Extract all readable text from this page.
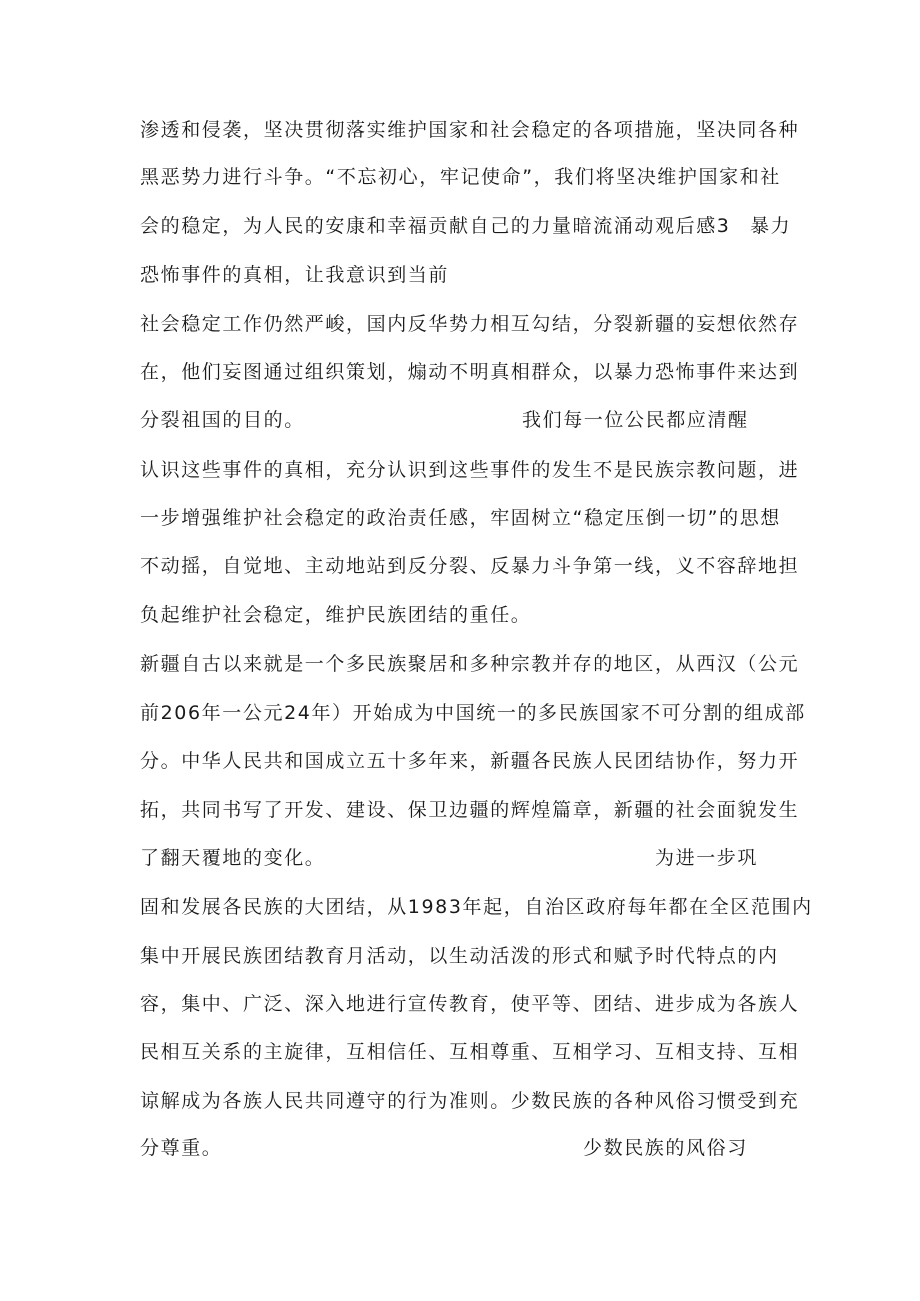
渗透和侵袭，坚决贯彻落实维护国家和社会稳定的各项措施，坚决同各种
黑恶势力进行斗争。“不忘初心，牢记使命”，我们将坚决维护国家和社
会的稳定，为人民的安康和幸福贡献自己的力量暗流涌动观后感3 暴力
恐怖事件的真相，让我意识到当前
社会稳定工作仍然严峻，国内反华势力相互勾结，分裂新疆的妄想依然存
在，他们妄图通过组织策划，煽动不明真相群众，以暴力恐怖事件来达到
分裂祖国的目的。	我们每一位公民都应清醒
认识这些事件的真相，充分认识到这些事件的发生不是民族宗教问题，进
一步增强维护社会稳定的政治责任感，牢固树立“稳定压倒一切”的思想
不动摇，自觉地、主动地站到反分裂、反暴力斗争第一线，义不容辞地担
负起维护社会稳定，维护民族团结的重任。
新疆自古以来就是一个多民族聚居和多种宗教并存的地区，从西汉（公元
前206年一公元24年）开始成为中国统一的多民族国家不可分割的组成部
分。中华人民共和国成立五十多年来，新疆各民族人民团结协作，努力开
拓，共同书写了开发、建设、保卫边疆的辉煌篇章，新疆的社会面貌发生
了翻天覆地的变化。	为进一步巩
固和发展各民族的大团结，从1983年起，自治区政府每年都在全区范围内
集中开展民族团结教育月活动，以生动活泼的形式和赋予时代特点的内
容，集中、广泛、深入地进行宣传教育，使平等、团结、进步成为各族人
民相互关系的主旋律，互相信任、互相尊重、互相学习、互相支持、互相
谅解成为各族人民共同遵守的行为准则。少数民族的各种风俗习惯受到充
分尊重。	少数民族的风俗习
